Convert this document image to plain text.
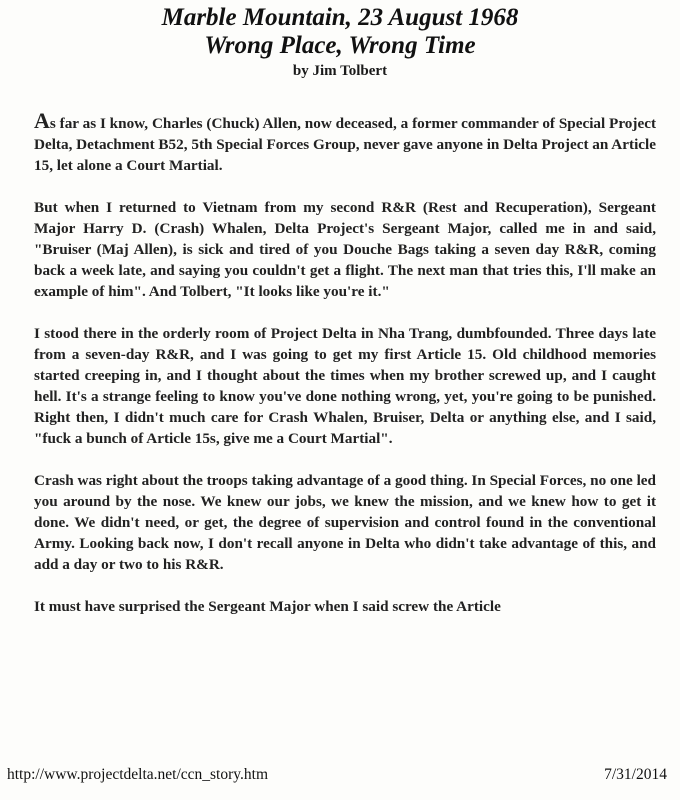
Marble Mountain, 23 August 1968
Wrong Place, Wrong Time
by Jim Tolbert

As far as I know, Charles (Chuck) Allen, now deceased, a former commander of Special Project Delta, Detachment B52, 5th Special Forces Group, never gave anyone in Delta Project an Article 15, let alone a Court Martial.

But when I returned to Vietnam from my second R&R (Rest and Recuperation), Sergeant Major Harry D. (Crash) Whalen, Delta Project's Sergeant Major, called me in and said, "Bruiser (Maj Allen), is sick and tired of you Douche Bags taking a seven day R&R, coming back a week late, and saying you couldn't get a flight. The next man that tries this, I'll make an example of him". And Tolbert, "It looks like you're it."

I stood there in the orderly room of Project Delta in Nha Trang, dumbfounded. Three days late from a seven-day R&R, and I was going to get my first Article 15. Old childhood memories started creeping in, and I thought about the times when my brother screwed up, and I caught hell. It's a strange feeling to know you've done nothing wrong, yet, you're going to be punished. Right then, I didn't much care for Crash Whalen, Bruiser, Delta or anything else, and I said, "fuck a bunch of Article 15s, give me a Court Martial".

Crash was right about the troops taking advantage of a good thing. In Special Forces, no one led you around by the nose. We knew our jobs, we knew the mission, and we knew how to get it done. We didn't need, or get, the degree of supervision and control found in the conventional Army. Looking back now, I don't recall anyone in Delta who didn't take advantage of this, and add a day or two to his R&R.

It must have surprised the Sergeant Major when I said screw the Article

http://www.projectdelta.net/ccn_story.htm	7/31/2014
